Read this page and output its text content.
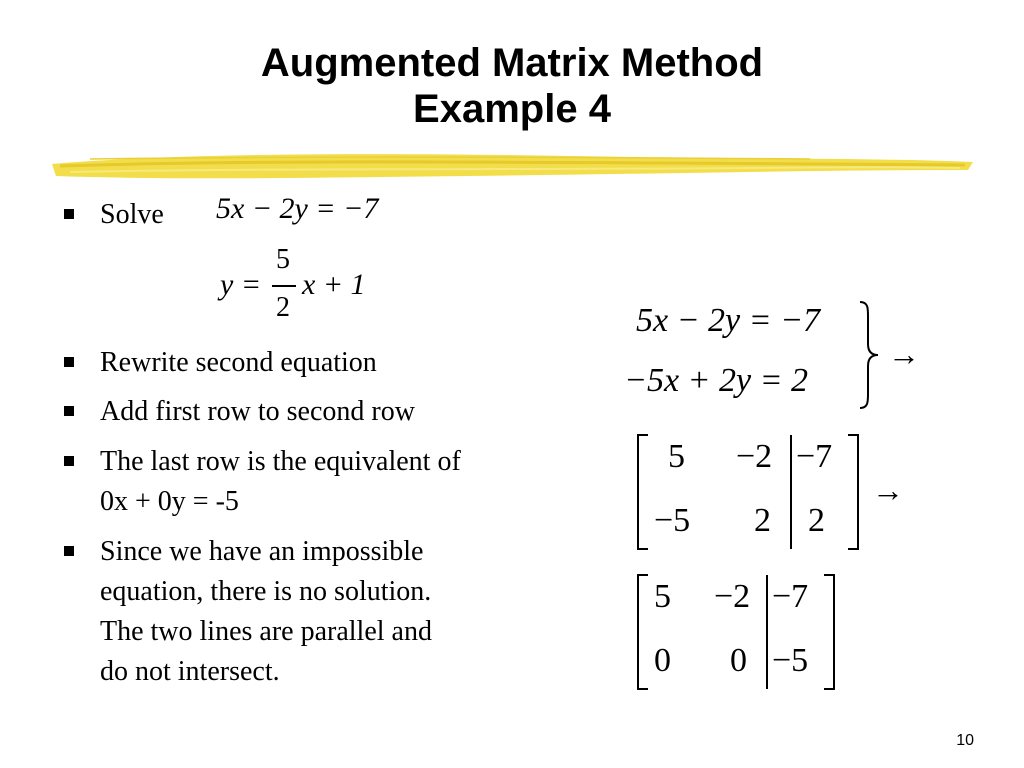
Augmented Matrix Method
Example 4
Solve 5x − 2y = −7
y =
5
2
x + 1
Rewrite second equation
Add first row to second row
The last row is the equivalent of
0x + 0y = -5
Since we have an impossible
equation, there is no solution.
The two lines are parallel and
do not intersect.
5x − 2y = −7
−5x + 2y = 2
→
5 −2 −7
−5 2 2
→
5 −2 −7
0 0 −5
10
